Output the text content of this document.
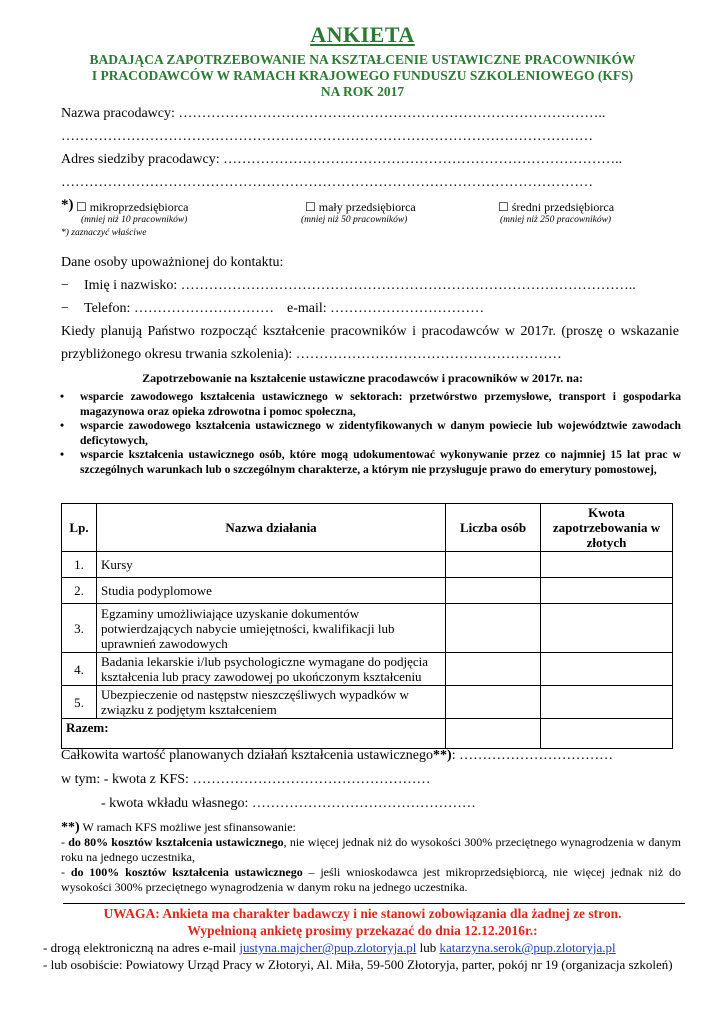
ANKIETA
BADAJĄCA ZAPOTRZEBOWANIE NA KSZTAŁCENIE USTAWICZNE PRACOWNIKÓW
I PRACODAWCÓW W RAMACH KRAJOWEGO FUNDUSZU SZKOLENIOWEGO (KFS)
NA ROK 2017
Nazwa pracodawcy: ………………………………………………………………………………..
……………………………………………………………………………………………………
Adres siedziby pracodawcy: …………………………………………………………………………..
……………………………………………………………………………………………………
*) ☐ mikroprzedsiębiorca
(mniej niż 10 pracowników)
☐ mały przedsiębiorca
(mniej niż 50 pracowników)
☐ średni przedsiębiorca
(mniej niż 250 pracowników)
*) zaznaczyć właściwe
Dane osoby upoważnionej do kontaktu:
− Imię i nazwisko: ……………………………………………………………………………………..
− Telefon: ………………………… e-mail: ……………………………
Kiedy planują Państwo rozpocząć kształcenie pracowników i pracodawców w 2017r. (proszę o wskazanie
przybliżonego okresu trwania szkolenia): …………………………………………………
Zapotrzebowanie na kształcenie ustawiczne pracodawców i pracowników w 2017r. na:
• wsparcie zawodowego kształcenia ustawicznego w sektorach: przetwórstwo przemysłowe, transport i gospodarka magazynowa oraz opieka zdrowotna i pomoc społeczna,
• wsparcie zawodowego kształcenia ustawicznego w zidentyfikowanych w danym powiecie lub województwie zawodach deficytowych,
• wsparcie kształcenia ustawicznego osób, które mogą udokumentować wykonywanie przez co najmniej 15 lat prac w szczególnych warunkach lub o szczególnym charakterze, a którym nie przysługuje prawo do emerytury pomostowej,
Lp.	Nazwa działania	Liczba osób	Kwota zapotrzebowania w złotych
1.	Kursy		
2.	Studia podyplomowe		
3.	Egzaminy umożliwiające uzyskanie dokumentów potwierdzających nabycie umiejętności, kwalifikacji lub uprawnień zawodowych		
4.	Badania lekarskie i/lub psychologiczne wymagane do podjęcia kształcenia lub pracy zawodowej po ukończonym kształceniu		
5.	Ubezpieczenie od następstw nieszczęśliwych wypadków w związku z podjętym kształceniem		
Razem:			
Całkowita wartość planowanych działań kształcenia ustawicznego**): ……………………………
w tym: - kwota z KFS: ……………………………………………
- kwota wkładu własnego: …………………………………………
**) W ramach KFS możliwe jest sfinansowanie:
- do 80% kosztów kształcenia ustawicznego, nie więcej jednak niż do wysokości 300% przeciętnego wynagrodzenia w danym roku na jednego uczestnika,
- do 100% kosztów kształcenia ustawicznego – jeśli wnioskodawca jest mikroprzedsiębiorcą, nie więcej jednak niż do wysokości 300% przeciętnego wynagrodzenia w danym roku na jednego uczestnika.
UWAGA: Ankieta ma charakter badawczy i nie stanowi zobowiązania dla żadnej ze stron.
Wypełnioną ankietę prosimy przekazać do dnia 12.12.2016r.:
- drogą elektroniczną na adres e-mail justyna.majcher@pup.zlotoryja.pl lub katarzyna.serok@pup.zlotoryja.pl
- lub osobiście: Powiatowy Urząd Pracy w Złotoryi, Al. Miła, 59-500 Złotoryja, parter, pokój nr 19 (organizacja szkoleń)
